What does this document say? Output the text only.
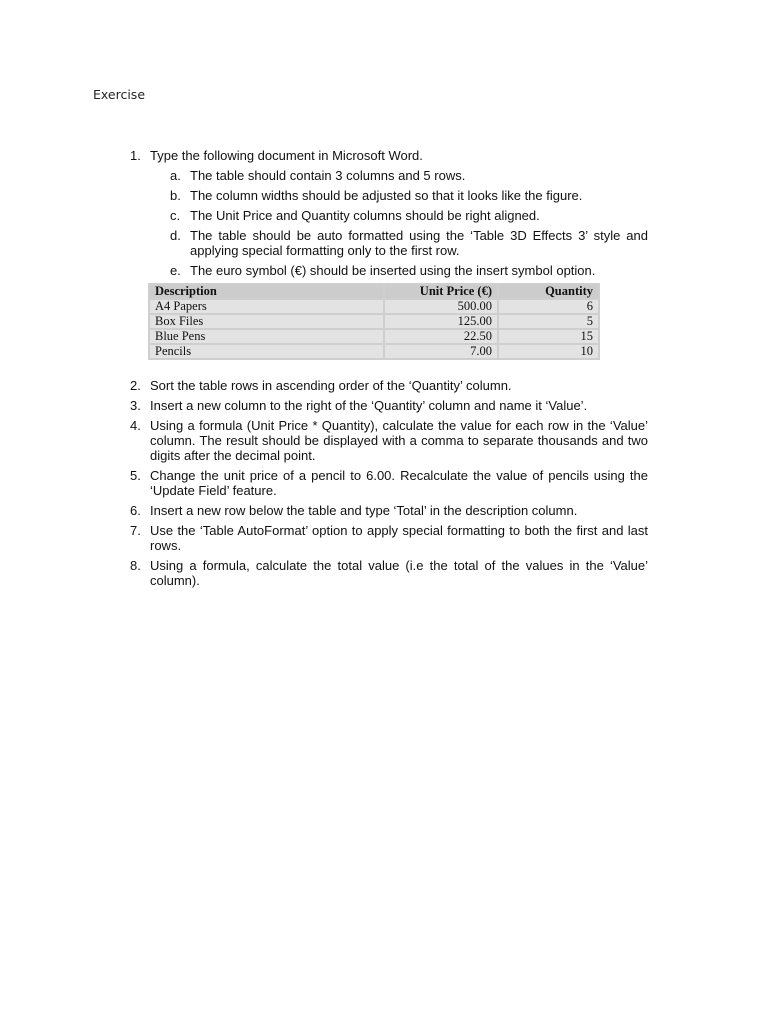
Exercise
1. Type the following document in Microsoft Word.
a. The table should contain 3 columns and 5 rows.
b. The column widths should be adjusted so that it looks like the figure.
c. The Unit Price and Quantity columns should be right aligned.
d. The table should be auto formatted using the ‘Table 3D Effects 3’ style and applying special formatting only to the first row.
e. The euro symbol (€) should be inserted using the insert symbol option.
Description	Unit Price (€)	Quantity
A4 Papers	500.00	6
Box Files	125.00	5
Blue Pens	22.50	15
Pencils	7.00	10
2. Sort the table rows in ascending order of the ‘Quantity’ column.
3. Insert a new column to the right of the ‘Quantity’ column and name it ‘Value’.
4. Using a formula (Unit Price * Quantity), calculate the value for each row in the ‘Value’ column. The result should be displayed with a comma to separate thousands and two digits after the decimal point.
5. Change the unit price of a pencil to 6.00. Recalculate the value of pencils using the ‘Update Field’ feature.
6. Insert a new row below the table and type ‘Total’ in the description column.
7. Use the ‘Table AutoFormat’ option to apply special formatting to both the first and last rows.
8. Using a formula, calculate the total value (i.e the total of the values in the ‘Value’ column).
